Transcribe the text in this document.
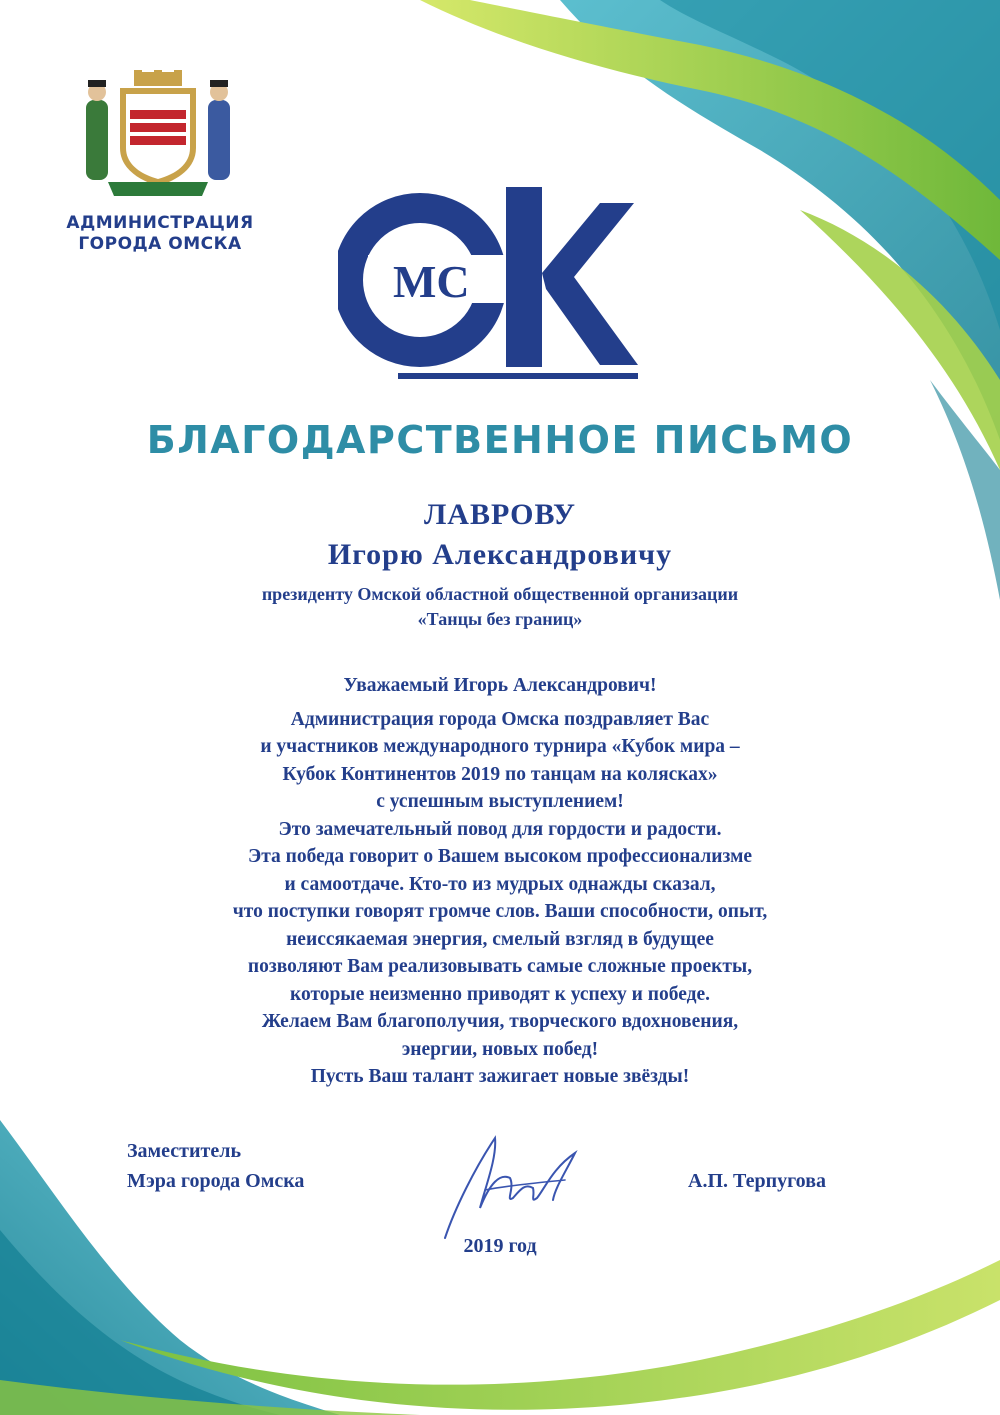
АДМИНИСТРАЦИЯ
ГОРОДА ОМСКА
МС
БЛАГОДАРСТВЕННОЕ ПИСЬМО
ЛАВРОВУ
Игорю Александровичу
президенту Омской областной общественной организации
«Танцы без границ»
Уважаемый Игорь Александрович!
Администрация города Омска поздравляет Вас
и участников международного турнира «Кубок мира –
Кубок Континентов 2019 по танцам на колясках»
с успешным выступлением!
Это замечательный повод для гордости и радости.
Эта победа говорит о Вашем высоком профессионализме
и самоотдаче. Кто-то из мудрых однажды сказал,
что поступки говорят громче слов. Ваши способности, опыт,
неиссякаемая энергия, смелый взгляд в будущее
позволяют Вам реализовывать самые сложные проекты,
которые неизменно приводят к успеху и победе.
Желаем Вам благополучия, творческого вдохновения,
энергии, новых побед!
Пусть Ваш талант зажигает новые звёзды!
Заместитель
Мэра города Омска	А.П. Терпугова
2019 год
